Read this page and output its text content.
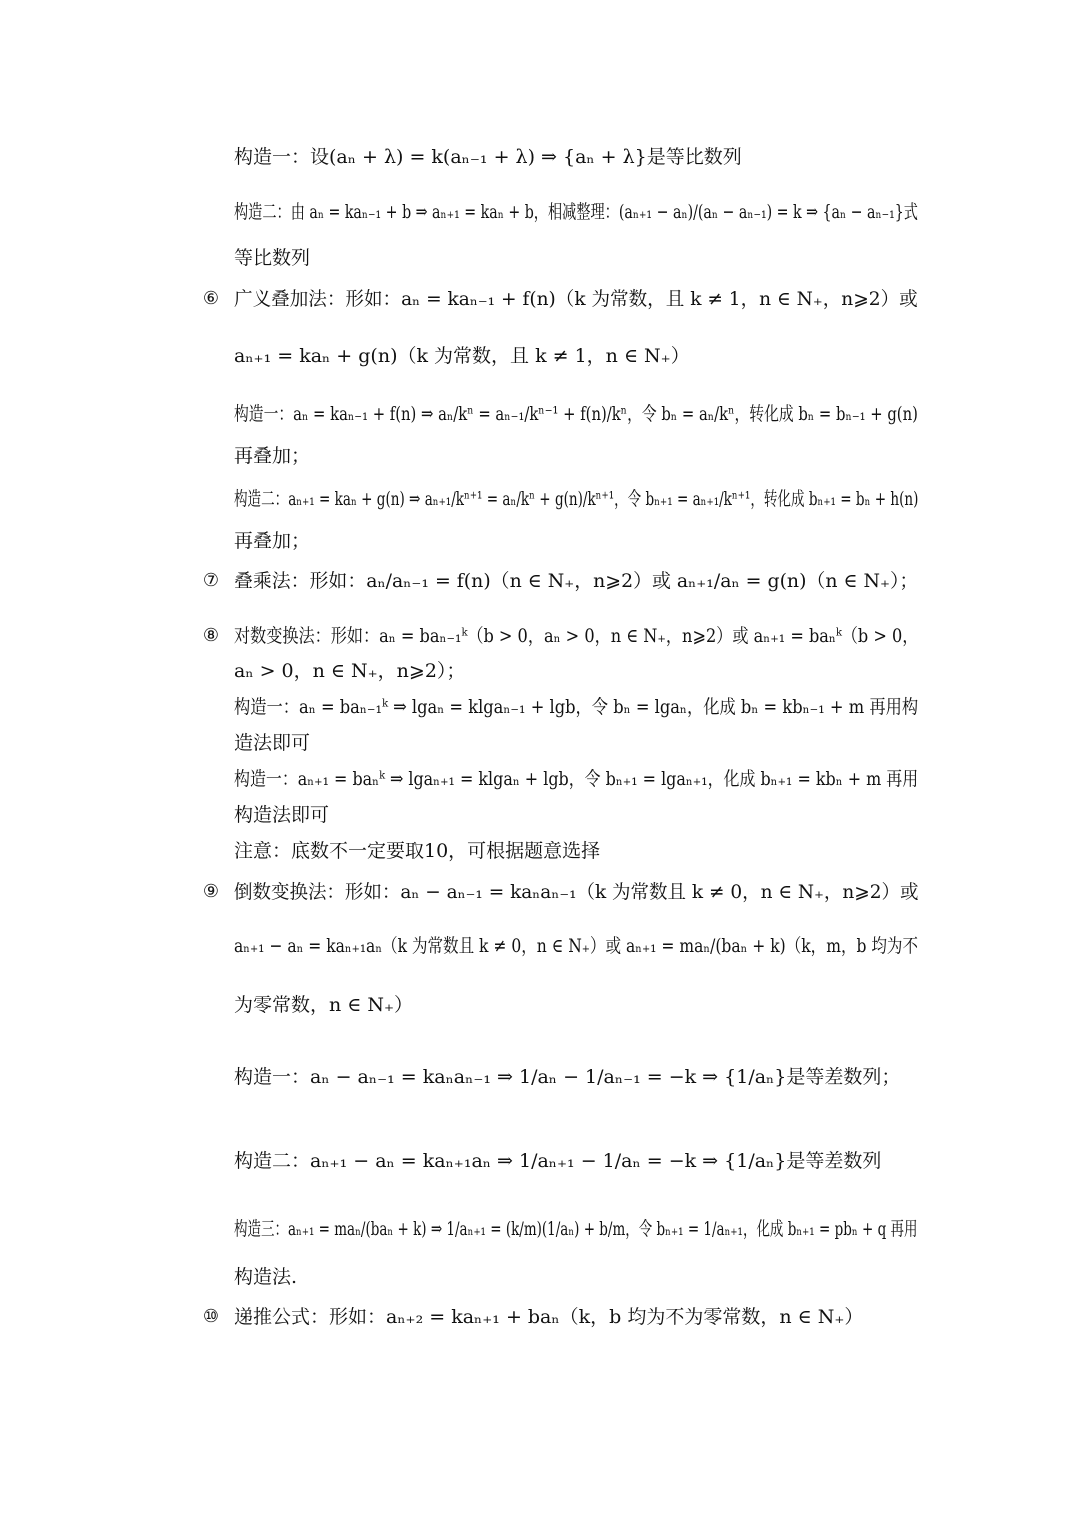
构造一：设(aₙ + λ) = k(aₙ₋₁ + λ) ⇒ {aₙ + λ}是等比数列
构造二：由 aₙ = kaₙ₋₁ + b ⇒ aₙ₊₁ = kaₙ + b，相减整理：(aₙ₊₁ − aₙ)/(aₙ − aₙ₋₁) = k ⇒ {aₙ − aₙ₋₁}式
等比数列
⑥ 广义叠加法：形如：aₙ = kaₙ₋₁ + f(n)（k 为常数，且 k ≠ 1，n ∈ N₊，n⩾2）或
aₙ₊₁ = kaₙ + g(n)（k 为常数，且 k ≠ 1，n ∈ N₊）
构造一：aₙ = kaₙ₋₁ + f(n) ⇒ aₙ/kⁿ = aₙ₋₁/kⁿ⁻¹ + f(n)/kⁿ，令 bₙ = aₙ/kⁿ，转化成 bₙ = bₙ₋₁ + g(n)
再叠加；
构造二：aₙ₊₁ = kaₙ + g(n) ⇒ aₙ₊₁/kⁿ⁺¹ = aₙ/kⁿ + g(n)/kⁿ⁺¹，令 bₙ₊₁ = aₙ₊₁/kⁿ⁺¹，转化成 bₙ₊₁ = bₙ + h(n)
再叠加；
⑦ 叠乘法：形如：aₙ/aₙ₋₁ = f(n)（n ∈ N₊，n⩾2）或 aₙ₊₁/aₙ = g(n)（n ∈ N₊）；
⑧ 对数变换法：形如：aₙ = baₙ₋₁ᵏ（b > 0，aₙ > 0，n ∈ N₊，n⩾2）或 aₙ₊₁ = baₙᵏ（b > 0，
aₙ > 0，n ∈ N₊，n⩾2）；
构造一：aₙ = baₙ₋₁ᵏ ⇒ lgaₙ = klgaₙ₋₁ + lgb，令 bₙ = lgaₙ，化成 bₙ = kbₙ₋₁ + m 再用构
造法即可
构造一：aₙ₊₁ = baₙᵏ ⇒ lgaₙ₊₁ = klgaₙ + lgb，令 bₙ₊₁ = lgaₙ₊₁，化成 bₙ₊₁ = kbₙ + m 再用
构造法即可
注意：底数不一定要取10，可根据题意选择
⑨ 倒数变换法：形如：aₙ − aₙ₋₁ = kaₙaₙ₋₁（k 为常数且 k ≠ 0，n ∈ N₊，n⩾2）或
aₙ₊₁ − aₙ = kaₙ₊₁aₙ（k 为常数且 k ≠ 0，n ∈ N₊）或 aₙ₊₁ = maₙ/(baₙ + k)（k，m，b 均为不
为零常数，n ∈ N₊）
构造一：aₙ − aₙ₋₁ = kaₙaₙ₋₁ ⇒ 1/aₙ − 1/aₙ₋₁ = −k ⇒ {1/aₙ}是等差数列；
构造二：aₙ₊₁ − aₙ = kaₙ₊₁aₙ ⇒ 1/aₙ₊₁ − 1/aₙ = −k ⇒ {1/aₙ}是等差数列
构造三：aₙ₊₁ = maₙ/(baₙ + k) ⇒ 1/aₙ₊₁ = (k/m)(1/aₙ) + b/m，令 bₙ₊₁ = 1/aₙ₊₁，化成 bₙ₊₁ = pbₙ + q 再用
构造法.
⑩ 递推公式：形如：aₙ₊₂ = kaₙ₊₁ + baₙ（k，b 均为不为零常数，n ∈ N₊）
